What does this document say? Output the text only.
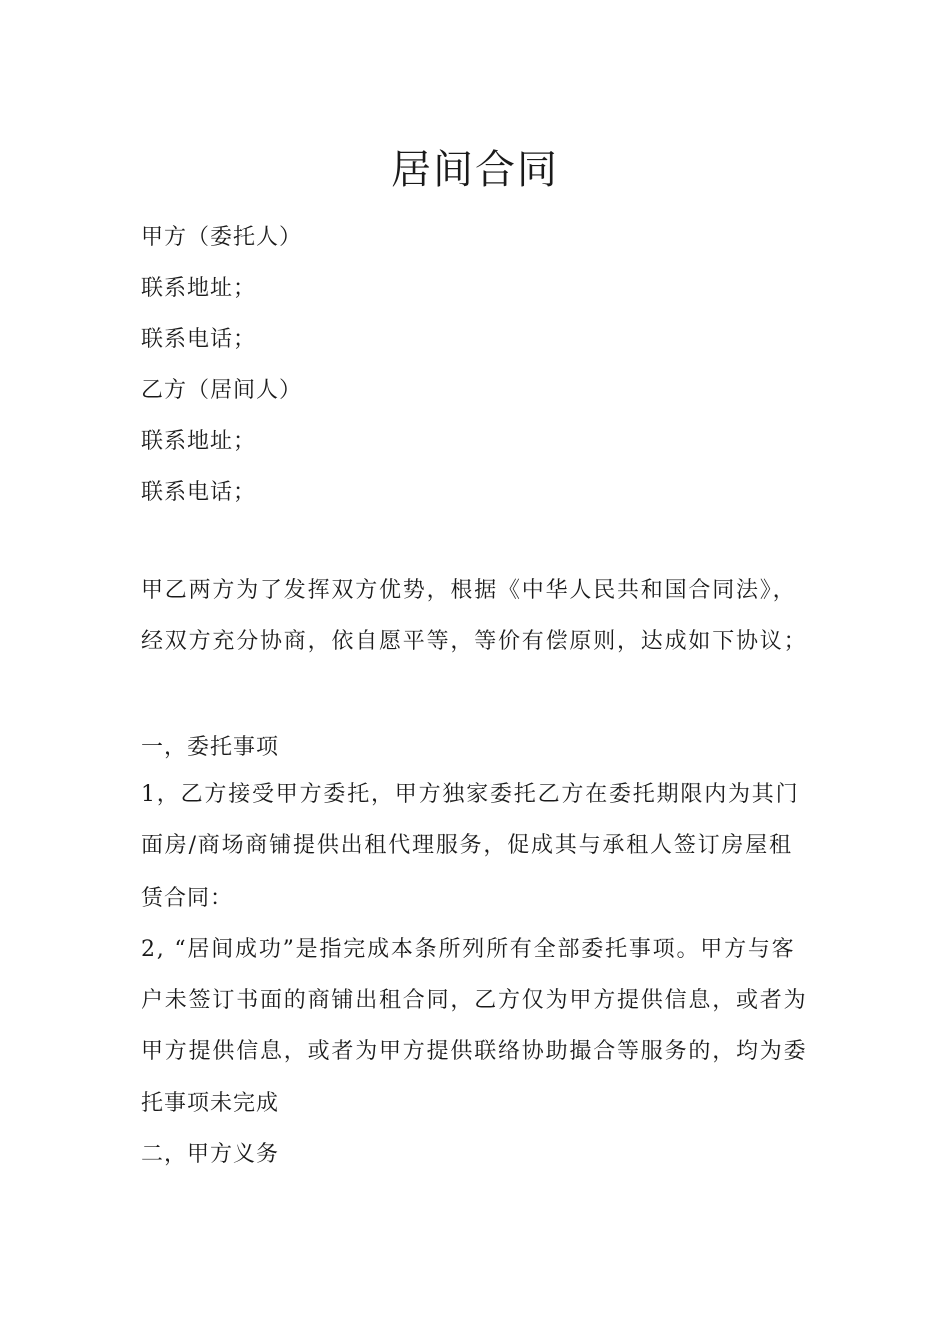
居间合同
甲方（委托人）
联系地址；
联系电话；
乙方（居间人）
联系地址；
联系电话；
甲乙两方为了发挥双方优势，根据《中华人民共和国合同法》，
经双方充分协商，依自愿平等，等价有偿原则，达成如下协议；
一，委托事项
1，乙方接受甲方委托，甲方独家委托乙方在委托期限内为其门
面房/商场商铺提供出租代理服务，促成其与承租人签订房屋租
赁合同：
2, “居间成功”是指完成本条所列所有全部委托事项。甲方与客
户未签订书面的商铺出租合同，乙方仅为甲方提供信息，或者为
甲方提供信息，或者为甲方提供联络协助撮合等服务的，均为委
托事项未完成
二，甲方义务
